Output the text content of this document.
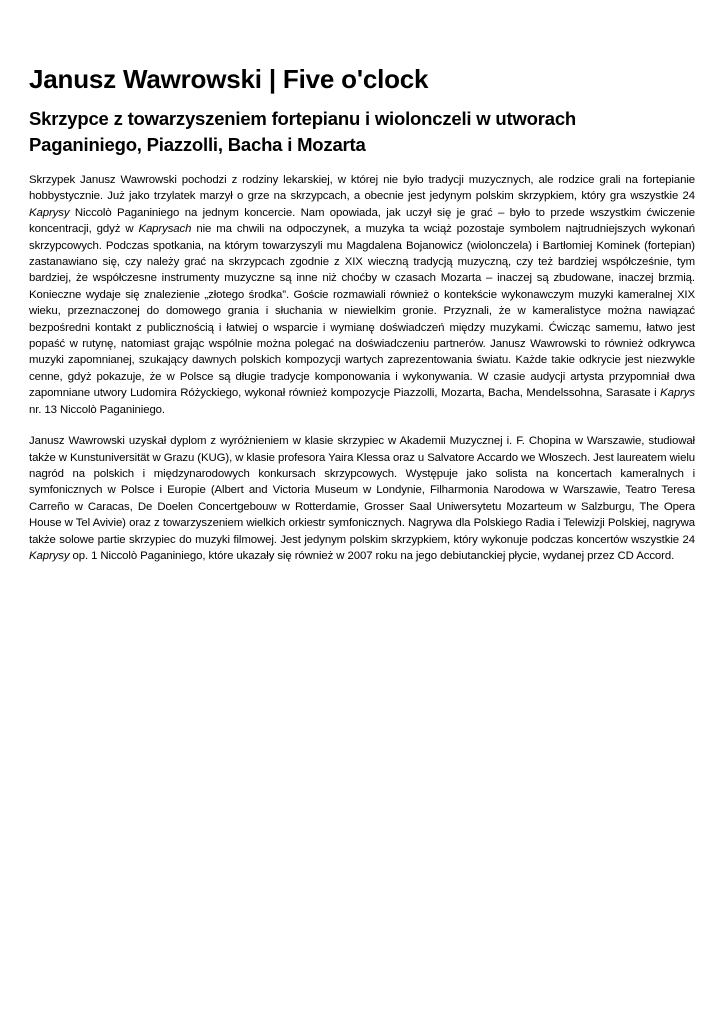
Janusz Wawrowski | Five o'clock
Skrzypce z towarzyszeniem fortepianu i wiolonczeli w utworach
Paganiniego, Piazzolli, Bacha i Mozarta

Skrzypek Janusz Wawrowski pochodzi z rodziny lekarskiej, w której nie było tradycji muzycznych, ale rodzice grali na fortepianie hobbystycznie. Już jako trzylatek marzył o grze na skrzypcach, a obecnie jest jedynym polskim skrzypkiem, który gra wszystkie 24 Kaprysy Niccolò Paganiniego na jednym koncercie. Nam opowiada, jak uczył się je grać – było to przede wszystkim ćwiczenie koncentracji, gdyż w Kaprysach nie ma chwili na odpoczynek, a muzyka ta wciąż pozostaje symbolem najtrudniejszych wykonań skrzypcowych. Podczas spotkania, na którym towarzyszyli mu Magdalena Bojanowicz (wiolonczela) i Bartłomiej Kominek (fortepian) zastanawiano się, czy należy grać na skrzypcach zgodnie z XIX wieczną tradycją muzyczną, czy też bardziej współcześnie, tym bardziej, że współczesne instrumenty muzyczne są inne niż choćby w czasach Mozarta – inaczej są zbudowane, inaczej brzmią. Konieczne wydaje się znalezienie „złotego środka”. Goście rozmawiali również o kontekście wykonawczym muzyki kameralnej XIX wieku, przeznaczonej do domowego grania i słuchania w niewielkim gronie. Przyznali, że w kameralistyce można nawiązać bezpośredni kontakt z publicznością i łatwiej o wsparcie i wymianę doświadczeń między muzykami. Ćwicząc samemu, łatwo jest popaść w rutynę, natomiast grając wspólnie można polegać na doświadczeniu partnerów. Janusz Wawrowski to również odkrywca muzyki zapomnianej, szukający dawnych polskich kompozycji wartych zaprezentowania światu. Każde takie odkrycie jest niezwykle cenne, gdyż pokazuje, że w Polsce są długie tradycje komponowania i wykonywania. W czasie audycji artysta przypomniał dwa zapomniane utwory Ludomira Różyckiego, wykonał również kompozycje Piazzolli, Mozarta, Bacha, Mendelssohna, Sarasate i Kaprys nr. 13 Niccolò Paganiniego.

Janusz Wawrowski uzyskał dyplom z wyróżnieniem w klasie skrzypiec w Akademii Muzycznej i. F. Chopina w Warszawie, studiował także w Kunstuniversität w Grazu (KUG), w klasie profesora Yaira Klessa oraz u Salvatore Accardo we Włoszech. Jest laureatem wielu nagród na polskich i międzynarodowych konkursach skrzypcowych. Występuje jako solista na koncertach kameralnych i symfonicznych w Polsce i Europie (Albert and Victoria Museum w Londynie, Filharmonia Narodowa w Warszawie, Teatro Teresa Carreño w Caracas, De Doelen Concertgebouw w Rotterdamie, Grosser Saal Uniwersytetu Mozarteum w Salzburgu, The Opera House w Tel Avivie) oraz z towarzyszeniem wielkich orkiestr symfonicznych. Nagrywa dla Polskiego Radia i Telewizji Polskiej, nagrywa także solowe partie skrzypiec do muzyki filmowej. Jest jedynym polskim skrzypkiem, który wykonuje podczas koncertów wszystkie 24 Kaprysy op. 1 Niccolò Paganiniego, które ukazały się również w 2007 roku na jego debiutanckiej płycie, wydanej przez CD Accord.
